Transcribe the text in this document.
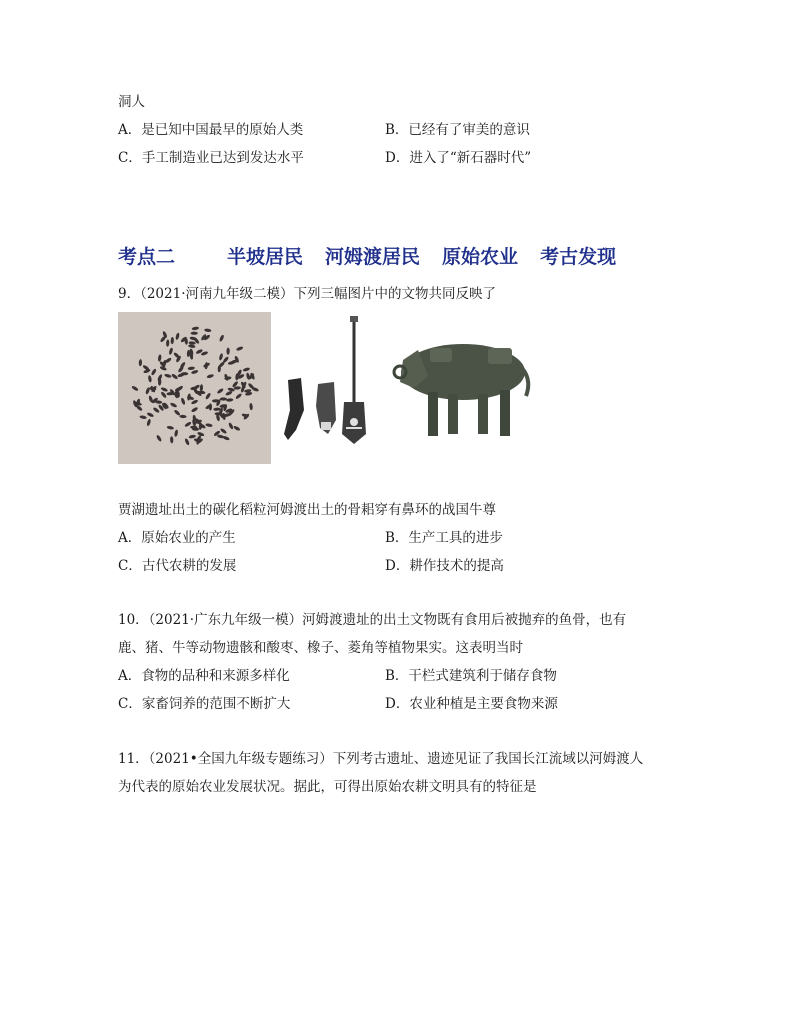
洞人
A．是已知中国最早的原始人类	B．已经有了审美的意识
C．手工制造业已达到发达水平	D．进入了“新石器时代”
考点二	半坡居民 河姆渡居民 原始农业 考古发现
9．（2021·河南九年级二模）下列三幅图片中的文物共同反映了
贾湖遗址出土的碳化稻粒河姆渡出土的骨耜穿有鼻环的战国牛尊
A．原始农业的产生	B．生产工具的进步
C．古代农耕的发展	D．耕作技术的提高
10．（2021·广东九年级一模）河姆渡遗址的出土文物既有食用后被抛弃的鱼骨，也有
鹿、猪、牛等动物遗骸和酸枣、橡子、菱角等植物果实。这表明当时
A．食物的品种和来源多样化	B．干栏式建筑利于储存食物
C．家畜饲养的范围不断扩大	D．农业种植是主要食物来源
11．（2021•全国九年级专题练习）下列考古遗址、遗迹见证了我国长江流域以河姆渡人
为代表的原始农业发展状况。据此，可得出原始农耕文明具有的特征是
